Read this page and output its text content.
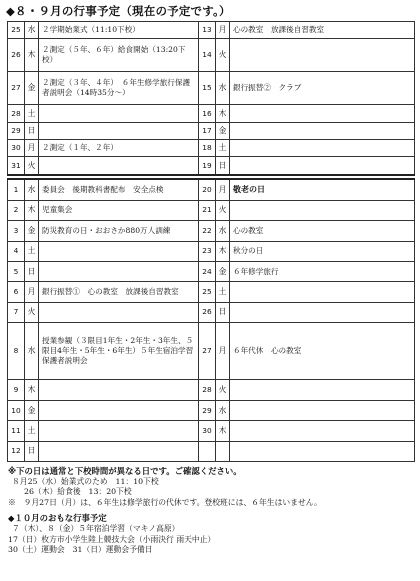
◆８・９月の行事予定（現在の予定です。）
25	水	２学期始業式（11:10下校）	13	月	心の教室　放課後自習教室
26	木	２測定（５年、６年）給食開始（13:20下校）	14	火	
27	金	２測定（３年、４年）　６年生修学旅行保護者説明会（14時35分～）	15	水	銀行振替②　クラブ
28	土		16	木	
29	日		17	金	
30	月	２測定（１年、２年）	18	土	
31	火		19	日	
1	水	委員会　後期教科書配布　安全点検	20	月	敬老の日
2	木	児童集会	21	火	
3	金	防災教育の日・おおさか880万人訓練	22	水	心の教室
4	土		23	木	秋分の日
5	日		24	金	６年修学旅行
6	月	銀行振替①　心の教室　放課後自習教室	25	土	
7	火		26	日	
8	水	授業参観（３限目1年生・2年生・3年生、５限目4年生・5年生・6年生）５年生宿泊学習保護者説明会	27	月	６年代休　心の教室
9	木		28	火	
10	金		29	水	
11	土		30	木	
12	日				
※下の日は通常と下校時間が異なる日です。ご確認ください。
８月25（水）始業式のため　11：10下校
26（木）給食後　13：20下校
※　９月27日（月）は、６年生は修学旅行の代休です。登校班には、６年生はいません。
◆１０月のおもな行事予定
７（木）、８（金）５年宿泊学習（マキノ高原）
17（日）枚方市小学生陸上競技大会（小雨決行 雨天中止）
30（土）運動会　31（日）運動会予備日
